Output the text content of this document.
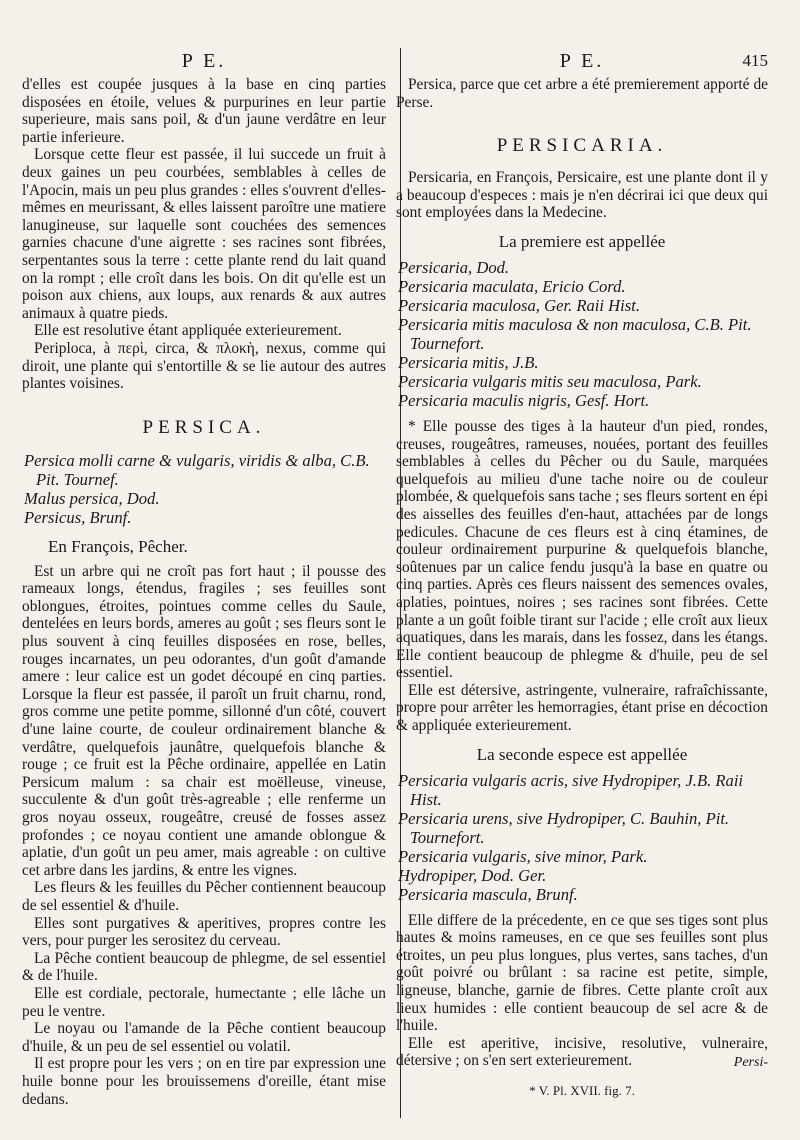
P E.

d'elles est coupée jusques à la base en cinq parties disposées en étoile, velues & purpurines en leur partie superieure, mais sans poil, & d'un jaune verdâtre en leur partie inferieure.

Lorsque cette fleur est passée, il lui succede un fruit à deux gaines un peu courbées, semblables à celles de l'Apocin, mais un peu plus grandes : elles s'ouvrent d'elles-mêmes en meurissant, & elles laissent paroître une matiere lanugineuse, sur laquelle sont couchées des semences garnies chacune d'une aigrette : ses racines sont fibrées, serpentantes sous la terre : cette plante rend du lait quand on la rompt ; elle croît dans les bois. On dit qu'elle est un poison aux chiens, aux loups, aux renards & aux autres animaux à quatre pieds.

Elle est resolutive étant appliquée exterieurement.

Periploca, à περὶ, circa, & πλοκὴ, nexus, comme qui diroit, une plante qui s'entortille & se lie autour des autres plantes voisines.

PERSICA.

Persica molli carne & vulgaris, viridis & alba, C.B. Pit. Tournef.

Malus persica, Dod.

Persicus, Brunf.

En François, Pêcher.

Est un arbre qui ne croît pas fort haut ; il pousse des rameaux longs, étendus, fragiles ; ses feuilles sont oblongues, étroites, pointues comme celles du Saule, dentelées en leurs bords, ameres au goût ; ses fleurs sont le plus souvent à cinq feuilles disposées en rose, belles, rouges incarnates, un peu odorantes, d'un goût d'amande amere : leur calice est un godet découpé en cinq parties. Lorsque la fleur est passée, il paroît un fruit charnu, rond, gros comme une petite pomme, sillonné d'un côté, couvert d'une laine courte, de couleur ordinairement blanche & verdâtre, quelquefois jaunâtre, quelquefois blanche & rouge ; ce fruit est la Pêche ordinaire, appellée en Latin Persicum malum : sa chair est moëlleuse, vineuse, succulente & d'un goût très-agreable ; elle renferme un gros noyau osseux, rougeâtre, creusé de fosses assez profondes ; ce noyau contient une amande oblongue & aplatie, d'un goût un peu amer, mais agreable : on cultive cet arbre dans les jardins, & entre les vignes.

Les fleurs & les feuilles du Pêcher contiennent beaucoup de sel essentiel & d'huile.

Elles sont purgatives & aperitives, propres contre les vers, pour purger les serositez du cerveau.

La Pêche contient beaucoup de phlegme, de sel essentiel & de l'huile.

Elle est cordiale, pectorale, humectante ; elle lâche un peu le ventre.

Le noyau ou l'amande de la Pêche contient beaucoup d'huile, & un peu de sel essentiel ou volatil.

Il est propre pour les vers ; on en tire par expression une huile bonne pour les brouissemens d'oreille, étant mise dedans.

P E.	415

Persica, parce que cet arbre a été premierement apporté de Perse.

PERSICARIA.

Persicaria, en François, Persicaire, est une plante dont il y a beaucoup d'especes : mais je n'en décrirai ici que deux qui sont employées dans la Medecine.

La premiere est appellée

Persicaria, Dod.

Persicaria maculata, Ericio Cord.

Persicaria maculosa, Ger. Raii Hist.

Persicaria mitis maculosa & non maculosa, C.B. Pit. Tournefort.

Persicaria mitis, J.B.

Persicaria vulgaris mitis seu maculosa, Park.

Persicaria maculis nigris, Gesf. Hort.

* Elle pousse des tiges à la hauteur d'un pied, rondes, creuses, rougeâtres, rameuses, nouées, portant des feuilles semblables à celles du Pêcher ou du Saule, marquées quelquefois au milieu d'une tache noire ou de couleur plombée, & quelquefois sans tache ; ses fleurs sortent en épi des aisselles des feuilles d'en-haut, attachées par de longs pedicules. Chacune de ces fleurs est à cinq étamines, de couleur ordinairement purpurine & quelquefois blanche, soûtenues par un calice fendu jusqu'à la base en quatre ou cinq parties. Après ces fleurs naissent des semences ovales, aplaties, pointues, noires ; ses racines sont fibrées. Cette plante a un goût foible tirant sur l'acide ; elle croît aux lieux aquatiques, dans les marais, dans les fossez, dans les étangs. Elle contient beaucoup de phlegme & d'huile, peu de sel essentiel.

Elle est détersive, astringente, vulneraire, rafraîchissante, propre pour arrêter les hemorragies, étant prise en décoction & appliquée exterieurement.

La seconde espece est appellée

Persicaria vulgaris acris, sive Hydropiper, J.B. Raii Hist.

Persicaria urens, sive Hydropiper, C. Bauhin, Pit. Tournefort.

Persicaria vulgaris, sive minor, Park.

Hydropiper, Dod. Ger.

Persicaria mascula, Brunf.

Elle differe de la précedente, en ce que ses tiges sont plus hautes & moins rameuses, en ce que ses feuilles sont plus étroites, un peu plus longues, plus vertes, sans taches, d'un goût poivré ou brûlant : sa racine est petite, simple, ligneuse, blanche, garnie de fibres. Cette plante croît aux lieux humides : elle contient beaucoup de sel acre & de l'huile.

Elle est aperitive, incisive, resolutive, vulneraire, détersive ; on s'en sert exterieurement.	Persi-
* V. Pl. XVII. fig. 7.
